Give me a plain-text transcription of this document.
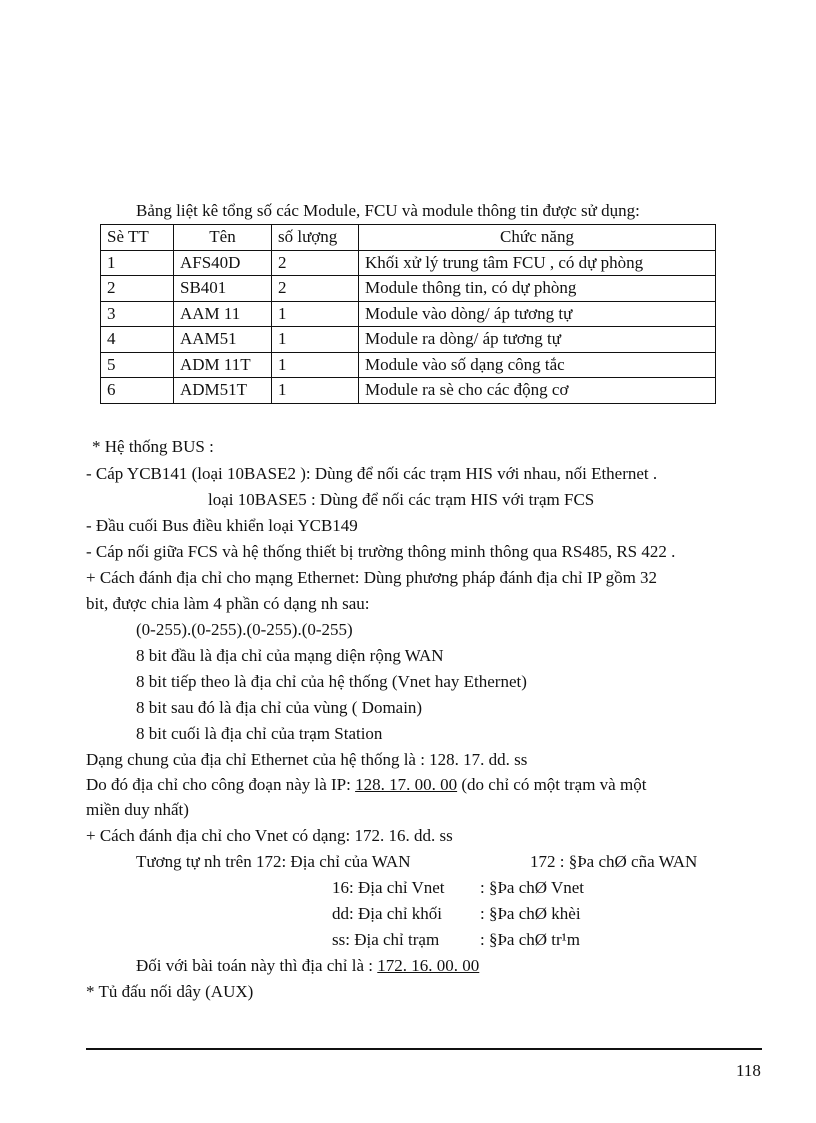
Bảng liệt kê tổng số các Module, FCU và module thông tin được sử dụng:
Sè TT	Tên	số lượng	Chức năng
1	AFS40D	2	Khối xử lý trung tâm FCU , có dự phòng
2	SB401	2	Module thông tin, có dự phòng
3	AAM 11	1	Module vào dòng/ áp tương tự
4	AAM51	1	Module ra dòng/ áp tương tự
5	ADM 11T	1	Module vào số dạng công tắc
6	ADM51T	1	Module ra sè cho các động cơ
* Hệ thống BUS :
- Cáp YCB141 (loại 10BASE2 ): Dùng để nối các trạm HIS với nhau, nối Ethernet .
loại 10BASE5 : Dùng để nối các trạm HIS với trạm FCS
- Đầu cuối Bus điều khiển loại YCB149
- Cáp nối giữa FCS và hệ thống thiết bị trường thông minh thông qua RS485, RS 422 .
+ Cách đánh địa chỉ cho mạng Ethernet: Dùng phương pháp đánh địa chỉ IP gồm 32
bit, được chia làm 4 phần có dạng nh sau:
(0-255).(0-255).(0-255).(0-255)
8 bit đầu là địa chỉ của mạng diện rộng WAN
8 bit tiếp theo là địa chỉ của hệ thống (Vnet hay Ethernet)
8 bit sau đó là địa chỉ của vùng ( Domain)
8 bit cuối là địa chỉ của trạm Station
Dạng chung của địa chỉ Ethernet của hệ thống là : 128. 17. dd. ss
Do đó địa chỉ cho công đoạn này là IP: 128. 17. 00. 00 (do chỉ có một trạm và một
miền duy nhất)
+ Cách đánh địa chỉ cho Vnet có dạng: 172. 16. dd. ss
Tương tự nh trên 172: Địa chỉ của WAN	172 : §Þa chØ cña WAN
16: Địa chỉ Vnet : §Þa chØ Vnet
dd: Địa chỉ khối : §Þa chØ khèi
ss: Địa chỉ trạm : §Þa chØ tr¹m
Đối với bài toán này thì địa chỉ là : 172. 16. 00. 00
* Tủ đấu nối dây (AUX)
118
